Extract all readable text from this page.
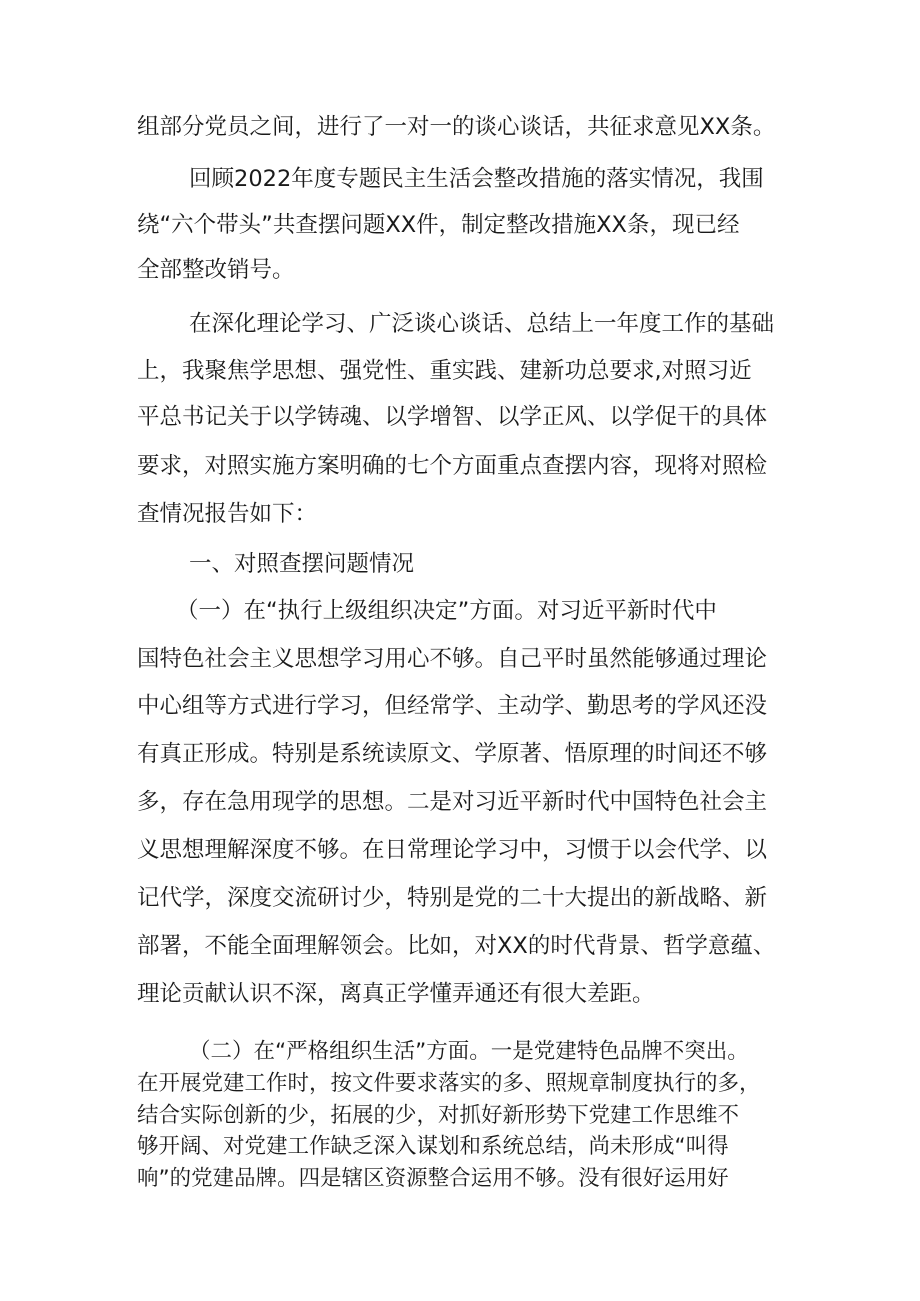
组部分党员之间，进行了一对一的谈心谈话，共征求意见XX条。

回顾2022年度专题民主生活会整改措施的落实情况，我围

绕“六个带头”共查摆问题XX件，制定整改措施XX条，现已经

全部整改销号。

在深化理论学习、广泛谈心谈话、总结上一年度工作的基础

上，我聚焦学思想、强党性、重实践、建新功总要求,对照习近

平总书记关于以学铸魂、以学增智、以学正风、以学促干的具体

要求，对照实施方案明确的七个方面重点查摆内容，现将对照检

查情况报告如下：

一、对照查摆问题情况

（一）在“执行上级组织决定”方面。对习近平新时代中

国特色社会主义思想学习用心不够。自己平时虽然能够通过理论

中心组等方式进行学习，但经常学、主动学、勤思考的学风还没

有真正形成。特别是系统读原文、学原著、悟原理的时间还不够

多，存在急用现学的思想。二是对习近平新时代中国特色社会主

义思想理解深度不够。在日常理论学习中，习惯于以会代学、以

记代学，深度交流研讨少，特别是党的二十大提出的新战略、新

部署，不能全面理解领会。比如，对XX的时代背景、哲学意蕴、

理论贡献认识不深，离真正学懂弄通还有很大差距。

（二）在“严格组织生活”方面。一是党建特色品牌不突出。

在开展党建工作时，按文件要求落实的多、照规章制度执行的多，

结合实际创新的少，拓展的少，对抓好新形势下党建工作思维不

够开阔、对党建工作缺乏深入谋划和系统总结，尚未形成“叫得

响”的党建品牌。四是辖区资源整合运用不够。没有很好运用好
